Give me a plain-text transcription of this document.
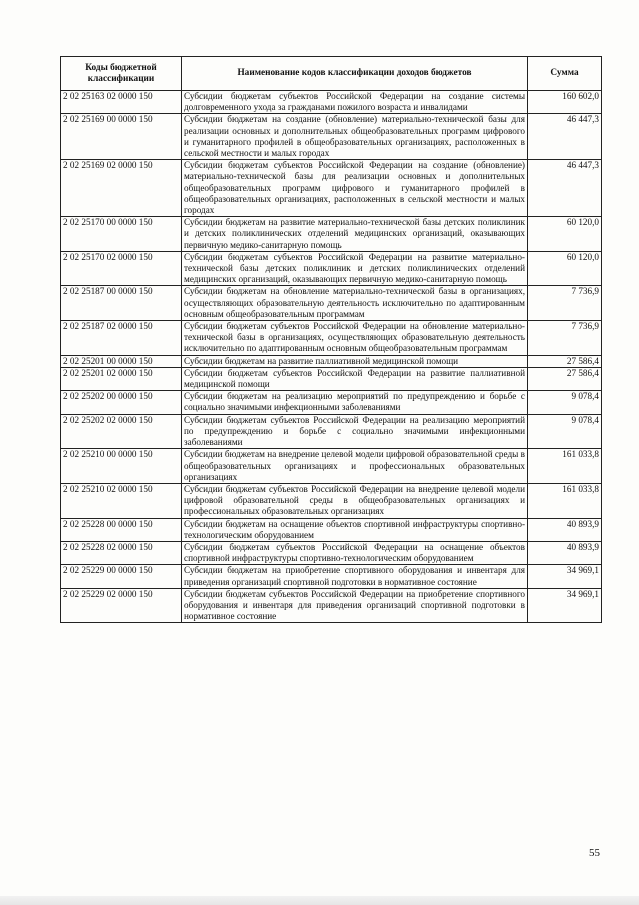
Коды бюджетной классификации	Наименование кодов классификации доходов бюджетов	Сумма
2 02 25163 02 0000 150	Субсидии бюджетам субъектов Российской Федерации на создание системы долговременного ухода за гражданами пожилого возраста и инвалидами	160 602,0
2 02 25169 00 0000 150	Субсидии бюджетам на создание (обновление) материально-технической базы для реализации основных и дополнительных общеобразовательных программ цифрового и гуманитарного профилей в общеобразовательных организациях, расположенных в сельской местности и малых городах	46 447,3
2 02 25169 02 0000 150	Субсидии бюджетам субъектов Российской Федерации на создание (обновление) материально-технической базы для реализации основных и дополнительных общеобразовательных программ цифрового и гуманитарного профилей в общеобразовательных организациях, расположенных в сельской местности и малых городах	46 447,3
2 02 25170 00 0000 150	Субсидии бюджетам на развитие материально-технической базы детских поликлиник и детских поликлинических отделений медицинских организаций, оказывающих первичную медико-санитарную помощь	60 120,0
2 02 25170 02 0000 150	Субсидии бюджетам субъектов Российской Федерации на развитие материально-технической базы детских поликлиник и детских поликлинических отделений медицинских организаций, оказывающих первичную медико-санитарную помощь	60 120,0
2 02 25187 00 0000 150	Субсидии бюджетам на обновление материально-технической базы в организациях, осуществляющих образовательную деятельность исключительно по адаптированным основным общеобразовательным программам	7 736,9
2 02 25187 02 0000 150	Субсидии бюджетам субъектов Российской Федерации на обновление материально-технической базы в организациях, осуществляющих образовательную деятельность исключительно по адаптированным основным общеобразовательным программам	7 736,9
2 02 25201 00 0000 150	Субсидии бюджетам на развитие паллиативной медицинской помощи	27 586,4
2 02 25201 02 0000 150	Субсидии бюджетам субъектов Российской Федерации на развитие паллиативной медицинской помощи	27 586,4
2 02 25202 00 0000 150	Субсидии бюджетам на реализацию мероприятий по предупреждению и борьбе с социально значимыми инфекционными заболеваниями	9 078,4
2 02 25202 02 0000 150	Субсидии бюджетам субъектов Российской Федерации на реализацию мероприятий по предупреждению и борьбе с социально значимыми инфекционными заболеваниями	9 078,4
2 02 25210 00 0000 150	Субсидии бюджетам на внедрение целевой модели цифровой образовательной среды в общеобразовательных организациях и профессиональных образовательных организациях	161 033,8
2 02 25210 02 0000 150	Субсидии бюджетам субъектов Российской Федерации на внедрение целевой модели цифровой образовательной среды в общеобразовательных организациях и профессиональных образовательных организациях	161 033,8
2 02 25228 00 0000 150	Субсидии бюджетам на оснащение объектов спортивной инфраструктуры спортивно-технологическим оборудованием	40 893,9
2 02 25228 02 0000 150	Субсидии бюджетам субъектов Российской Федерации на оснащение объектов спортивной инфраструктуры спортивно-технологическим оборудованием	40 893,9
2 02 25229 00 0000 150	Субсидии бюджетам на приобретение спортивного оборудования и инвентаря для приведения организаций спортивной подготовки в нормативное состояние	34 969,1
2 02 25229 02 0000 150	Субсидии бюджетам субъектов Российской Федерации на приобретение спортивного оборудования и инвентаря для приведения организаций спортивной подготовки в нормативное состояние	34 969,1
55
